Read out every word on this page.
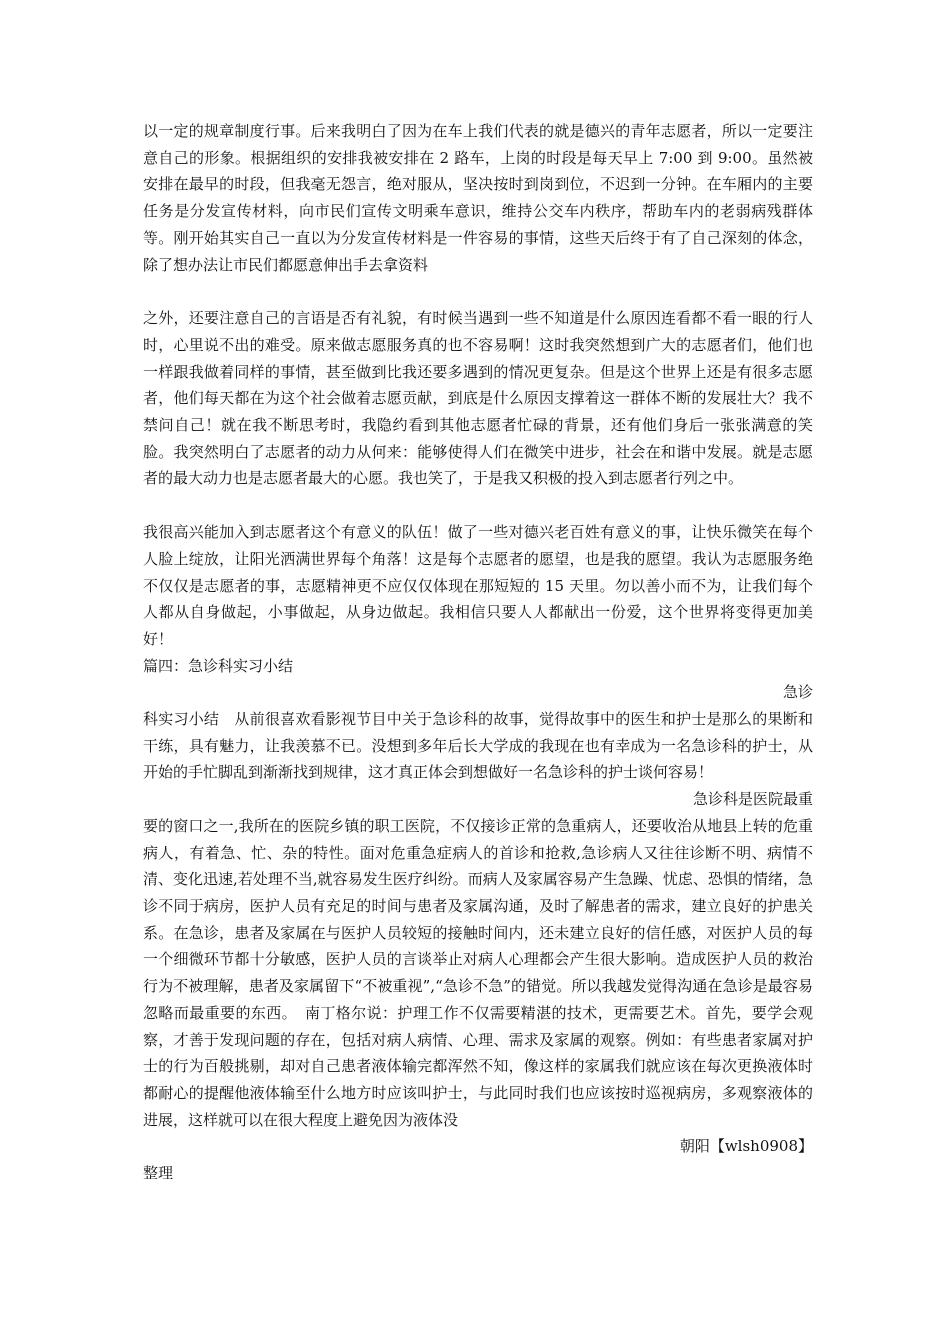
以一定的规章制度行事。后来我明白了因为在车上我们代表的就是德兴的青年志愿者，所以一定要注意自己的形象。根据组织的安排我被安排在 2 路车，上岗的时段是每天早上 7:00 到 9:00。虽然被安排在最早的时段，但我毫无怨言，绝对服从，坚决按时到岗到位，不迟到一分钟。在车厢内的主要任务是分发宣传材料，向市民们宣传文明乘车意识，维持公交车内秩序，帮助车内的老弱病残群体等。刚开始其实自己一直以为分发宣传材料是一件容易的事情，这些天后终于有了自己深刻的体念，除了想办法让市民们都愿意伸出手去拿资料

之外，还要注意自己的言语是否有礼貌，有时候当遇到一些不知道是什么原因连看都不看一眼的行人时，心里说不出的难受。原来做志愿服务真的也不容易啊！这时我突然想到广大的志愿者们，他们也一样跟我做着同样的事情，甚至做到比我还要多遇到的情况更复杂。但是这个世界上还是有很多志愿者，他们每天都在为这个社会做着志愿贡献，到底是什么原因支撑着这一群体不断的发展壮大？我不禁问自己！就在我不断思考时，我隐约看到其他志愿者忙碌的背景，还有他们身后一张张满意的笑脸。我突然明白了志愿者的动力从何来：能够使得人们在微笑中进步，社会在和谐中发展。就是志愿者的最大动力也是志愿者最大的心愿。我也笑了，于是我又积极的投入到志愿者行列之中。

我很高兴能加入到志愿者这个有意义的队伍！做了一些对德兴老百姓有意义的事，让快乐微笑在每个人脸上绽放，让阳光洒满世界每个角落！这是每个志愿者的愿望，也是我的愿望。我认为志愿服务绝不仅仅是志愿者的事，志愿精神更不应仅仅体现在那短短的 15 天里。勿以善小而不为，让我们每个人都从自身做起，小事做起，从身边做起。我相信只要人人都献出一份爱，这个世界将变得更加美好！

篇四：急诊科实习小结

急诊

科实习小结　从前很喜欢看影视节目中关于急诊科的故事，觉得故事中的医生和护士是那么的果断和干练，具有魅力，让我羡慕不已。没想到多年后长大学成的我现在也有幸成为一名急诊科的护士，从开始的手忙脚乱到渐渐找到规律，这才真正体会到想做好一名急诊科的护士谈何容易！

急诊科是医院最重

要的窗口之一,我所在的医院乡镇的职工医院，不仅接诊正常的急重病人，还要收治从地县上转的危重病人，有着急、忙、杂的特性。面对危重急症病人的首诊和抢救,急诊病人又往往诊断不明、病情不清、变化迅速,若处理不当,就容易发生医疗纠纷。而病人及家属容易产生急躁、忧虑、恐惧的情绪，急诊不同于病房，医护人员有充足的时间与患者及家属沟通，及时了解患者的需求，建立良好的护患关系。在急诊，患者及家属在与医护人员较短的接触时间内，还未建立良好的信任感，对医护人员的每一个细微环节都十分敏感，医护人员的言谈举止对病人心理都会产生很大影响。造成医护人员的救治行为不被理解，患者及家属留下“不被重视”,“急诊不急”的错觉。所以我越发觉得沟通在急诊是最容易忽略而最重要的东西。　南丁格尔说：护理工作不仅需要精湛的技术，更需要艺术。首先，要学会观察，才善于发现问题的存在，包括对病人病情、心理、需求及家属的观察。例如：有些患者家属对护士的行为百般挑剔，却对自己患者液体输完都浑然不知，像这样的家属我们就应该在每次更换液体时都耐心的提醒他液体输至什么地方时应该叫护士，与此同时我们也应该按时巡视病房，多观察液体的进展，这样就可以在很大程度上避免因为液体没

朝阳【wlsh0908】

整理
